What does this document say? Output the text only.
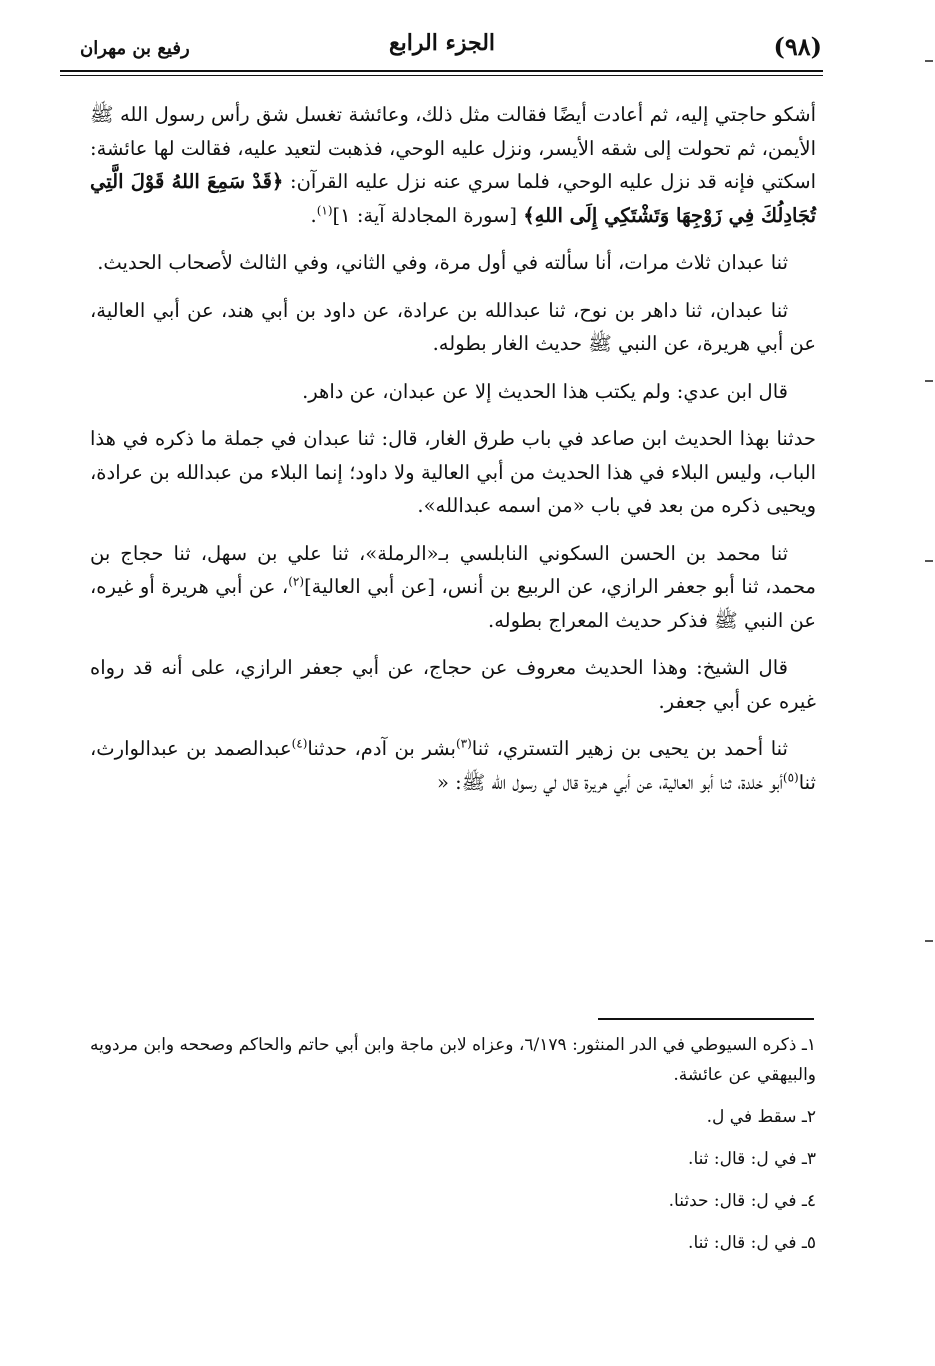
(٩٨)
الجزء الرابع
رفيع بن مهران

أشكو حاجتي إليه، ثم أعادت أيضًا فقالت مثل ذلك، وعائشة تغسل شق رأس رسول الله ﷺ الأيمن، ثم تحولت إلى شقه الأيسر، ونزل عليه الوحي، فذهبت لتعيد عليه، فقالت لها عائشة: اسكتي فإنه قد نزل عليه الوحي، فلما سري عنه نزل عليه القرآن: ﴿قَدْ سَمِعَ اللهُ قَوْلَ الَّتِي تُجَادِلُكَ فِي زَوْجِهَا وَتَشْتَكِي إِلَى اللهِ﴾ [سورة المجادلة آية: ١]$^{(١)}$.

ثنا عبدان ثلاث مرات، أنا سألته في أول مرة، وفي الثاني، وفي الثالث لأصحاب الحديث.

ثنا عبدان، ثنا داهر بن نوح، ثنا عبدالله بن عرادة، عن داود بن أبي هند، عن أبي العالية، عن أبي هريرة، عن النبي ﷺ حديث الغار بطوله.

قال ابن عدي: ولم يكتب هذا الحديث إلا عن عبدان، عن داهر.

حدثنا بهذا الحديث ابن صاعد في باب طرق الغار، قال: ثنا عبدان في جملة ما ذكره في هذا الباب، وليس البلاء في هذا الحديث من أبي العالية ولا داود؛ إنما البلاء من عبدالله بن عرادة، ويحيى ذكره من بعد في باب «من اسمه عبدالله».

ثنا محمد بن الحسن السكوني النابلسي بـ«الرملة»، ثنا علي بن سهل، ثنا حجاج بن محمد، ثنا أبو جعفر الرازي، عن الربيع بن أنس، [عن أبي العالية]$^{(٢)}$، عن أبي هريرة أو غيره، عن النبي ﷺ فذكر حديث المعراج بطوله.

قال الشيخ: وهذا الحديث معروف عن حجاج، عن أبي جعفر الرازي، على أنه قد رواه غيره عن أبي جعفر.

ثنا أحمد بن يحيى بن زهير التستري، ثنا$^{(٣)}$بشر بن آدم، حدثنا$^{(٤)}$عبدالصمد بن عبدالوارث، ثنا$^{(٥)}$أبو خلدة، ثنا أبو العالية، عن أبي هريرة قال لي رسول الله ﷺ: «

١ـ ذكره السيوطي في الدر المنثور: ٦/١٧٩، وعزاه لابن ماجة وابن أبي حاتم والحاكم وصححه وابن مردويه والبيهقي عن عائشة.

٢ـ سقط في ل.

٣ـ في ل: قال: ثنا.

٤ـ في ل: قال: حدثنا.

٥ـ في ل: قال: ثنا.
